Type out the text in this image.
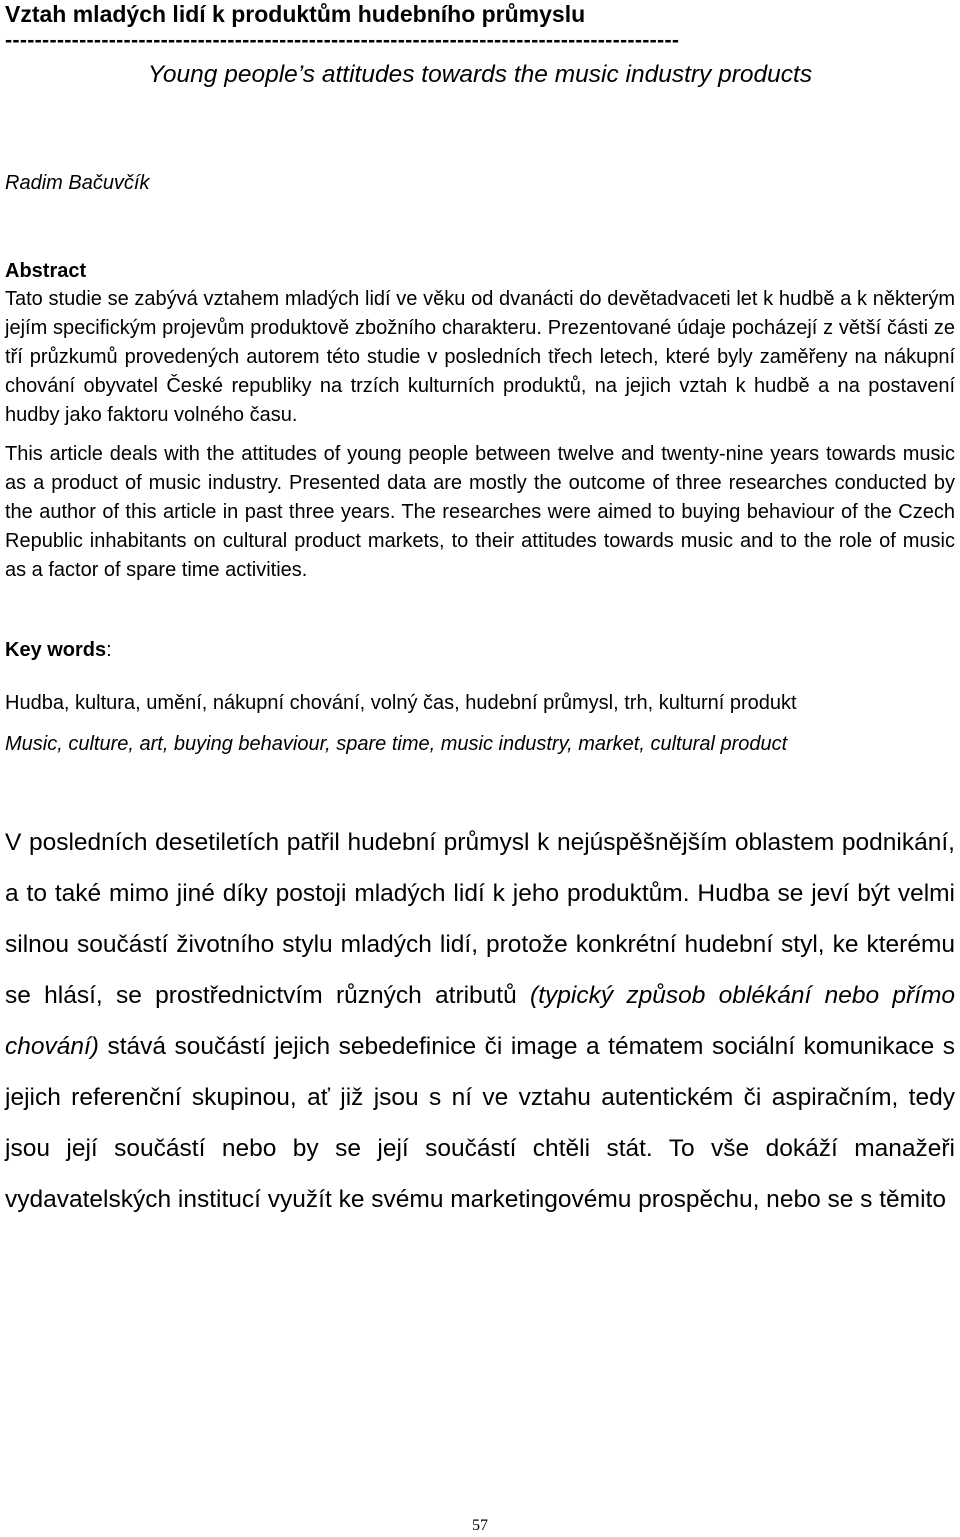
Vztah mladých lidí k produktům hudebního průmyslu
-------------------------------------------------------------------------------------------
Young people’s attitudes towards the music industry products
Radim Bačuvčík
Abstract

Tato studie se zabývá vztahem mladých lidí ve věku od dvanácti do devětadvaceti let k hudbě a k některým jejím specifickým projevům produktově zbožního charakteru. Prezentované údaje pocházejí z větší části ze tří průzkumů provedených autorem této studie v posledních třech letech, které byly zaměřeny na nákupní chování obyvatel České republiky na trzích kulturních produktů, na jejich vztah k hudbě a na postavení hudby jako faktoru volného času.

This article deals with the attitudes of young people between twelve and twenty-nine years towards music as a product of music industry. Presented data are mostly the outcome of three researches conducted by the author of this article in past three years. The researches were aimed to buying behaviour of the Czech Republic inhabitants on cultural product markets, to their attitudes towards music and to the role of music as a factor of spare time activities.

Key words:

Hudba, kultura, umění, nákupní chování, volný čas, hudební průmysl, trh, kulturní produkt

Music, culture, art, buying behaviour, spare time, music industry, market, cultural product

V posledních desetiletích patřil hudební průmysl k nejúspěšnějším oblastem podnikání, a to také mimo jiné díky postoji mladých lidí k jeho produktům. Hudba se jeví být velmi silnou součástí životního stylu mladých lidí, protože konkrétní hudební styl, ke kterému se hlásí, se prostřednictvím různých atributů (typický způsob oblékání nebo přímo chování) stává součástí jejich sebedefinice či image a tématem sociální komunikace s jejich referenční skupinou, ať již jsou s ní ve vztahu autentickém či aspiračním, tedy jsou její součástí nebo by se její součástí chtěli stát. To vše dokáží manažeři vydavatelských institucí využít ke svému marketingovému prospěchu, nebo se s těmito

57
